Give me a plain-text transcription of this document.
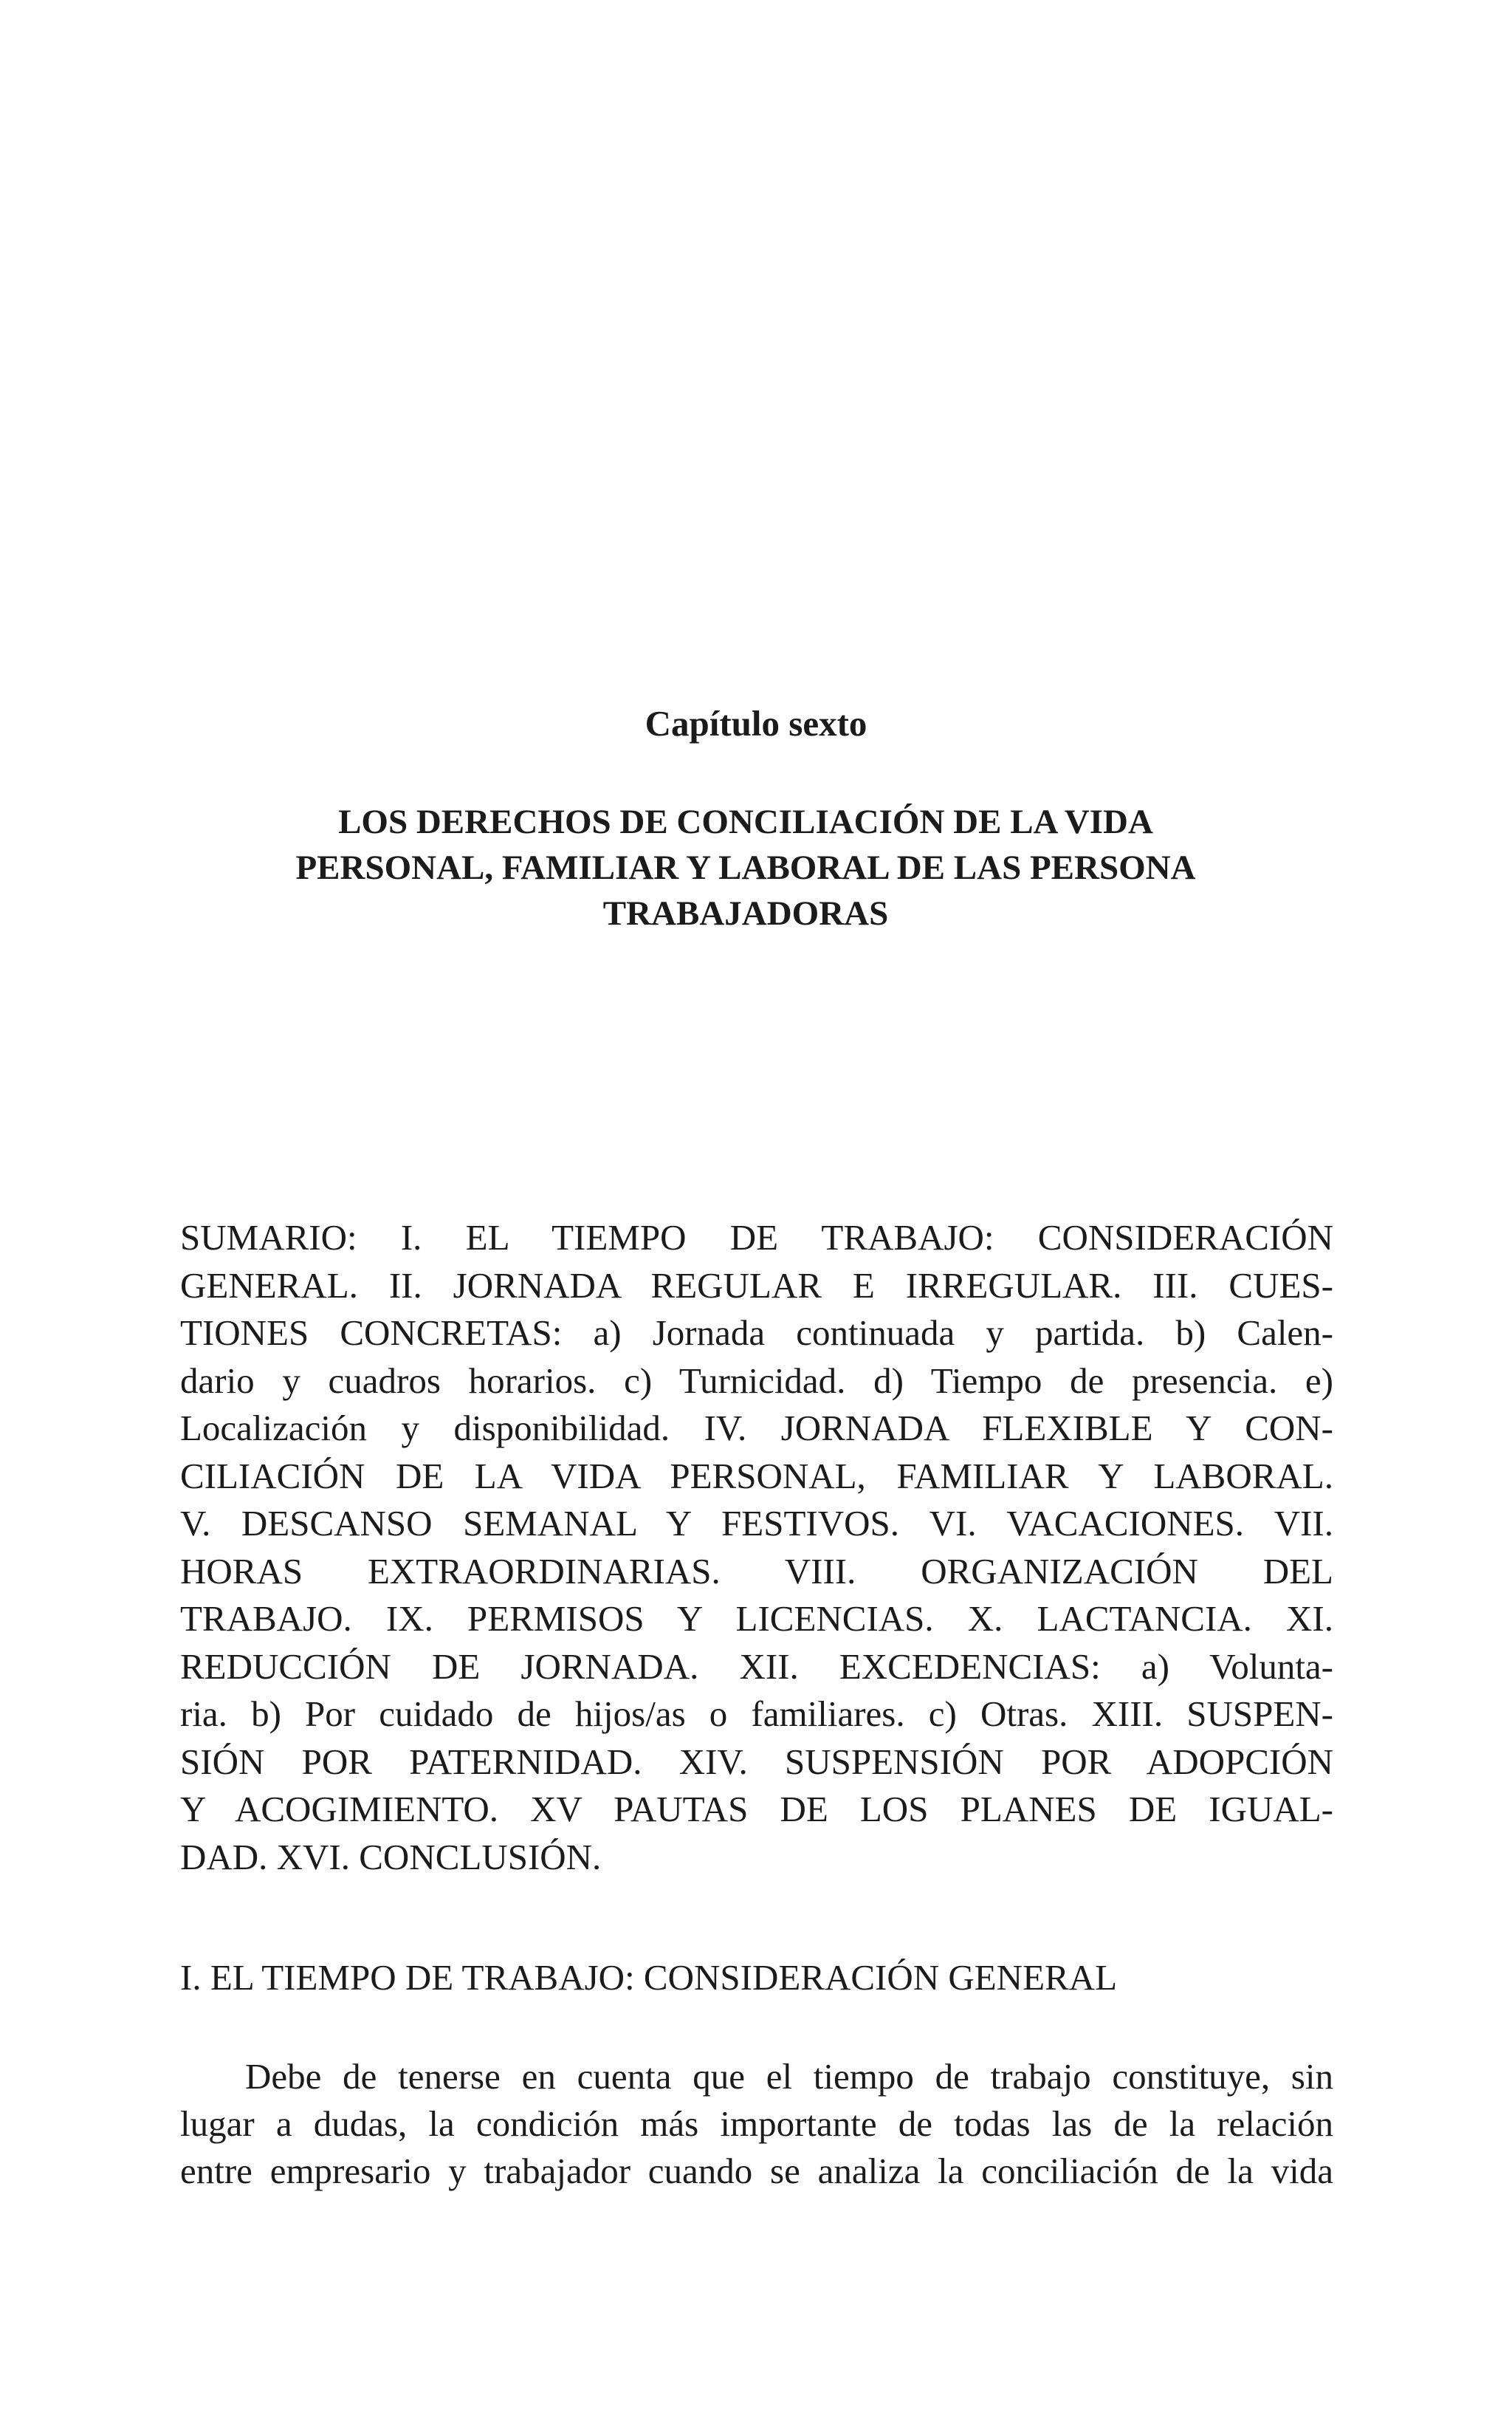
Capítulo sexto
LOS DERECHOS DE CONCILIACIÓN DE LA VIDA
PERSONAL, FAMILIAR Y LABORAL DE LAS PERSONA
TRABAJADORAS
SUMARIO: I. EL TIEMPO DE TRABAJO: CONSIDERACIÓN
GENERAL. II. JORNADA REGULAR E IRREGULAR. III. CUES-
TIONES CONCRETAS: a) Jornada continuada y partida. b) Calen-
dario y cuadros horarios. c) Turnicidad. d) Tiempo de presencia. e)
Localización y disponibilidad. IV. JORNADA FLEXIBLE Y CON-
CILIACIÓN DE LA VIDA PERSONAL, FAMILIAR Y LABORAL.
V. DESCANSO SEMANAL Y FESTIVOS. VI. VACACIONES. VII.
HORAS EXTRAORDINARIAS. VIII. ORGANIZACIÓN DEL
TRABAJO. IX. PERMISOS Y LICENCIAS. X. LACTANCIA. XI.
REDUCCIÓN DE JORNADA. XII. EXCEDENCIAS: a) Volunta-
ria. b) Por cuidado de hijos/as o familiares. c) Otras. XIII. SUSPEN-
SIÓN POR PATERNIDAD. XIV. SUSPENSIÓN POR ADOPCIÓN
Y ACOGIMIENTO. XV PAUTAS DE LOS PLANES DE IGUAL-
DAD. XVI. CONCLUSIÓN.
I. EL TIEMPO DE TRABAJO: CONSIDERACIÓN GENERAL
Debe de tenerse en cuenta que el tiempo de trabajo constituye, sin
lugar a dudas, la condición más importante de todas las de la relación
entre empresario y trabajador cuando se analiza la conciliación de la vida
